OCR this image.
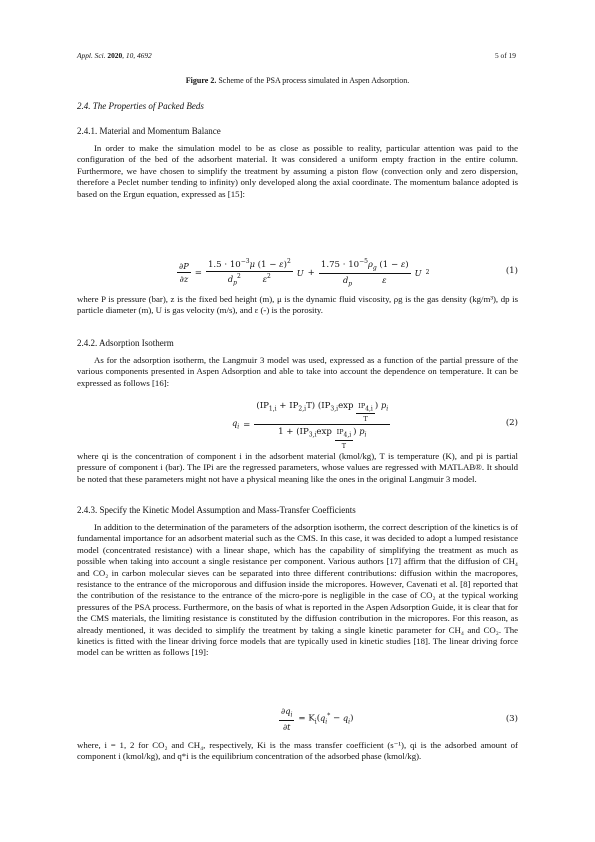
Appl. Sci. 2020, 10, 4692	5 of 19
Figure 2. Scheme of the PSA process simulated in Aspen Adsorption.
2.4. The Properties of Packed Beds
2.4.1. Material and Momentum Balance

In order to make the simulation model to be as close as possible to reality, particular attention was paid to the configuration of the bed of the adsorbent material. It was considered a uniform empty fraction in the entire column. Furthermore, we have chosen to simplify the treatment by assuming a piston flow (convection only and zero dispersion, therefore a Peclet number tending to infinity) only developed along the axial coordinate. The momentum balance adopted is based on the Ergun equation, expressed as [15]:

$\frac{\partial P}{\partial z} = 1.5 \cdot 10^{-3}\mu$ $(1 - \varepsilon)^2$
$d_p^2$	$\varepsilon^2$ $U + 1.75 \cdot 10^{-5}\rho_g$ (1 − ε)
$d_p$	ε U 2	(1)
where P is pressure (bar), z is the fixed bed height (m), μ is the dynamic fluid viscosity, ρg is the gas density (kg/m³), dp is particle diameter (m), U is gas velocity (m/s), and ε (-) is the porosity.
2.4.2. Adsorption Isotherm

As for the adsorption isotherm, the Langmuir 3 model was used, expressed as a function of the partial pressure of the various components presented in Aspen Adsorption and able to take into account the dependence on temperature. It can be expressed as follows [16]:

$q_i = \frac{(IP_{1,i} + IP_{2,i}T) (IP_{3,i}\exp \frac{IP_{4,i}}{T} ) p_i}{1 + (IP_{3,i}\exp \frac{IP_{4,i}}{T} ) p_i}$	(2)
where qi is the concentration of component i in the adsorbent material (kmol/kg), T is temperature (K), and pi is partial pressure of component i (bar). The IPi are the regressed parameters, whose values are regressed with MATLAB®. It should be noted that these parameters might not have a physical meaning like the ones in the original Langmuir 3 model.
2.4.3. Specify the Kinetic Model Assumption and Mass-Transfer Coefficients

In addition to the determination of the parameters of the adsorption isotherm, the correct description of the kinetics is of fundamental importance for an adsorbent material such as the CMS. In this case, it was decided to adopt a lumped resistance model (concentrated resistance) with a linear shape, which has the capability of simplifying the treatment as much as possible when taking into account a single resistance per component. Various authors [17] affirm that the diffusion of CH₄ and CO₂ in carbon molecular sieves can be separated into three different contributions: diffusion within the macropores, resistance to the entrance of the microporous and diffusion inside the micropores. However, Cavenati et al. [8] reported that the contribution of the resistance to the entrance of the micro-pore is negligible in the case of CO₂ at the typical working pressures of the PSA process. Furthermore, on the basis of what is reported in the Aspen Adsorption Guide, it is clear that for the CMS materials, the limiting resistance is constituted by the diffusion contribution in the micropores. For this reason, as already mentioned, it was decided to simplify the treatment by taking a single kinetic parameter for CH₄ and CO₂. The kinetics is fitted with the linear driving force models that are typically used in kinetic studies [18]. The linear driving force model can be written as follows [19]:

$\frac{\partial q_i}{\partial t} = K_i(q_i^* - q_i)$	(3)
where, i = 1, 2 for CO₂ and CH₄, respectively, Ki is the mass transfer coefficient (s⁻¹), qi is the adsorbed amount of component i (kmol/kg), and q*i is the equilibrium concentration of the adsorbed phase (kmol/kg).
